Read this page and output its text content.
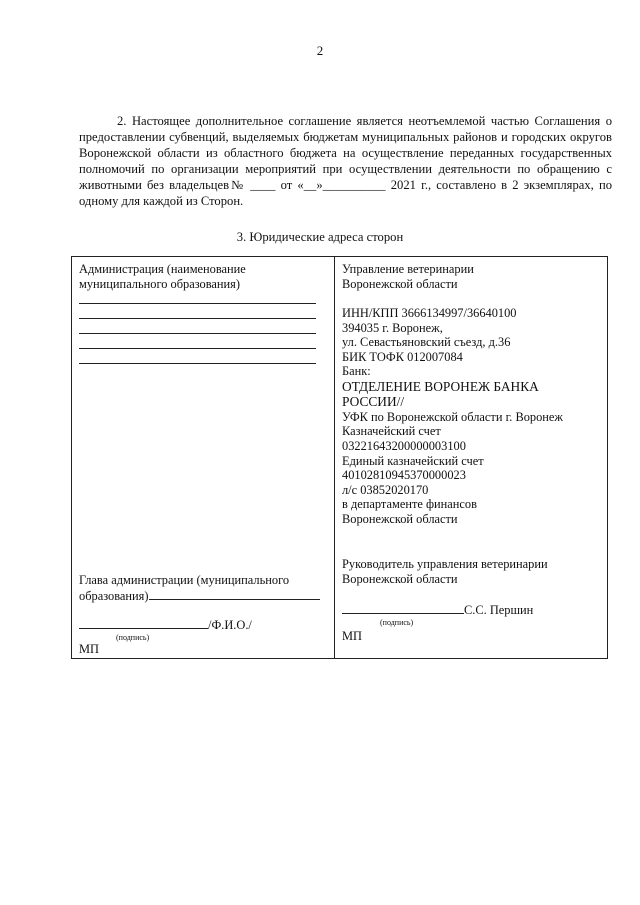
2
2. Настоящее дополнительное соглашение является неотъемлемой частью Соглашения о предоставлении субвенций, выделяемых бюджетам муниципальных районов и городских округов Воронежской области из областного бюджета на осуществление переданных государственных полномочий по организации мероприятий при осуществлении деятельности по обращению с животными без владельцев№ ____ от «__»__________ 2021 г., составлено в 2 экземплярах, по одному для каждой из Сторон.
3. Юридические адреса сторон
Администрация (наименование
муниципального образования)
Глава администрации (муниципального
образования)
/Ф.И.О./
(подпись)
МП
Управление ветеринарии
Воронежской области
ИНН/КПП 3666134997/36640100
394035 г. Воронеж,
ул. Севастьяновский съезд, д.36
БИК ТОФК 012007084
Банк:
ОТДЕЛЕНИЕ ВОРОНЕЖ БАНКА
РОССИИ//
УФК по Воронежской области г. Воронеж
Казначейский счет
03221643200000003100
Единый казначейский счет
40102810945370000023
л/с 03852020170
в департаменте финансов
Воронежской области
Руководитель управления ветеринарии
Воронежской области
С.С. Першин
(подпись)
МП
